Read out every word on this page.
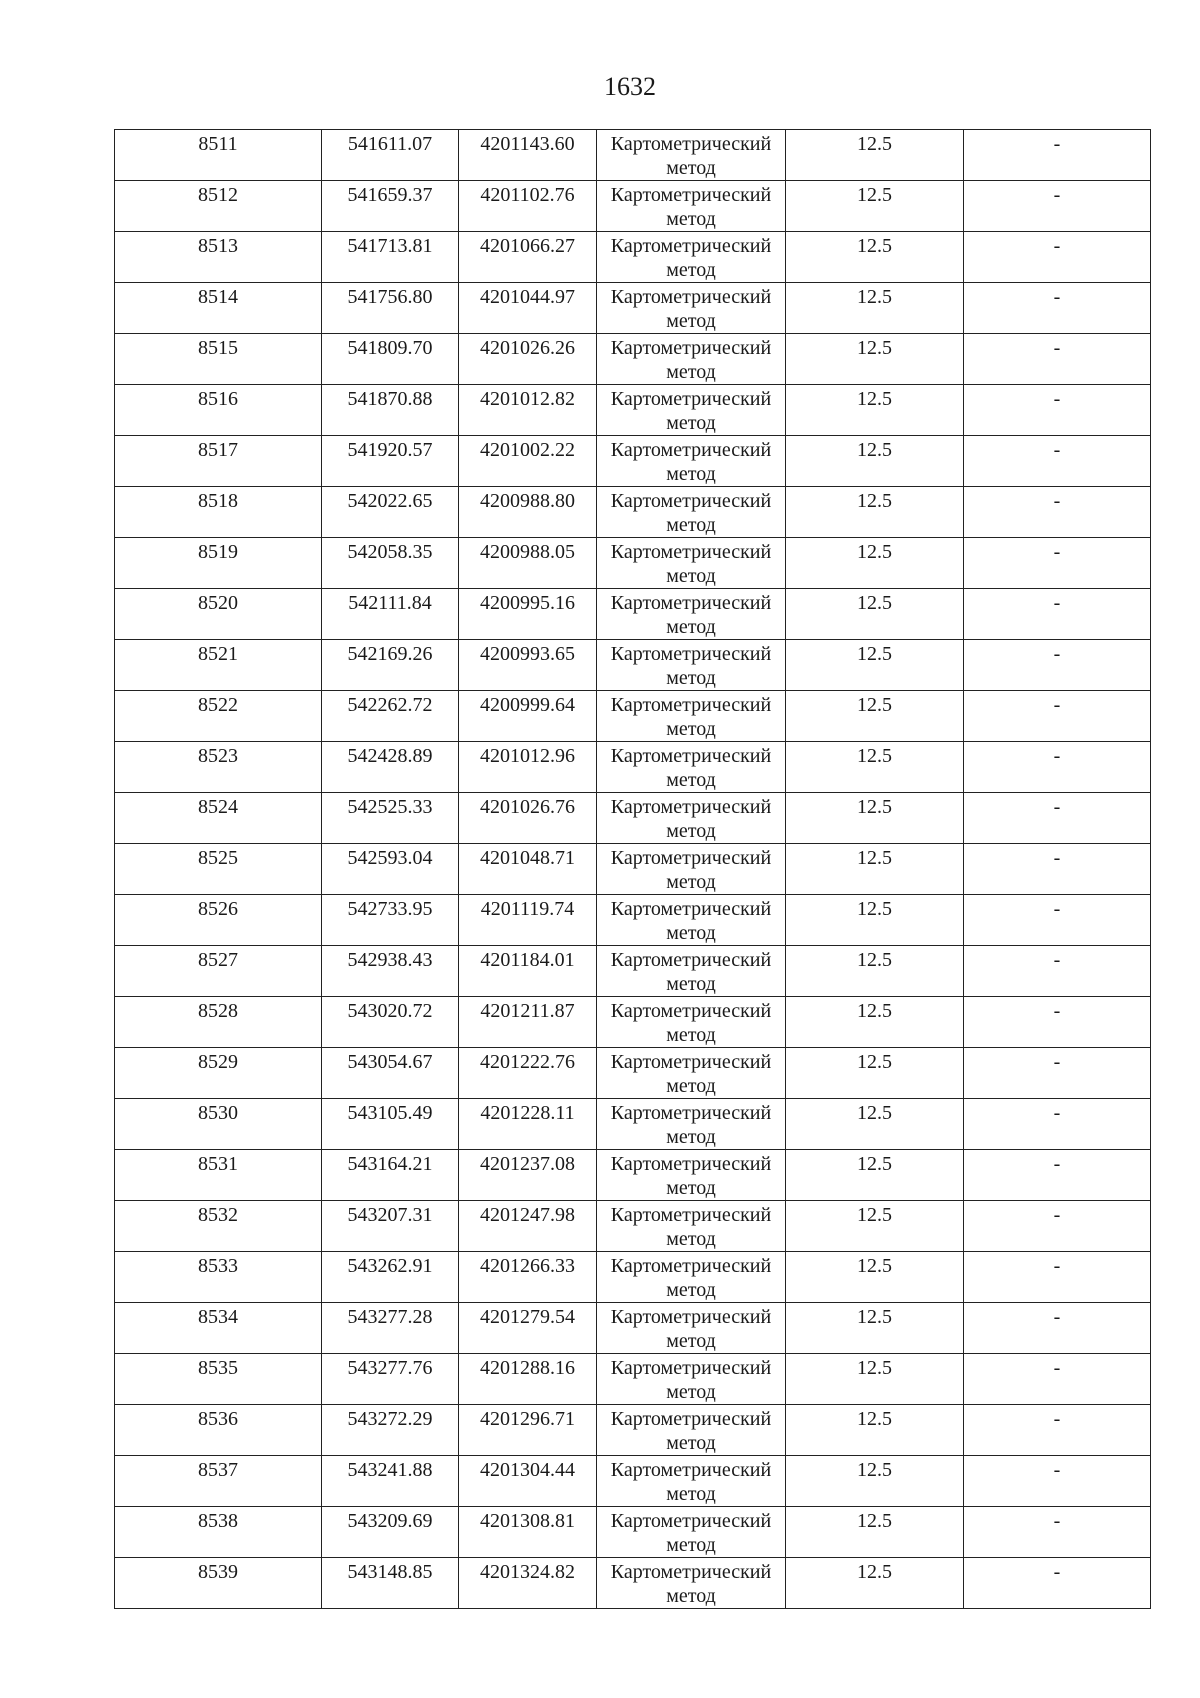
1632
8511	541611.07	4201143.60	Картометрический метод	12.5	-
8512	541659.37	4201102.76	Картометрический метод	12.5	-
8513	541713.81	4201066.27	Картометрический метод	12.5	-
8514	541756.80	4201044.97	Картометрический метод	12.5	-
8515	541809.70	4201026.26	Картометрический метод	12.5	-
8516	541870.88	4201012.82	Картометрический метод	12.5	-
8517	541920.57	4201002.22	Картометрический метод	12.5	-
8518	542022.65	4200988.80	Картометрический метод	12.5	-
8519	542058.35	4200988.05	Картометрический метод	12.5	-
8520	542111.84	4200995.16	Картометрический метод	12.5	-
8521	542169.26	4200993.65	Картометрический метод	12.5	-
8522	542262.72	4200999.64	Картометрический метод	12.5	-
8523	542428.89	4201012.96	Картометрический метод	12.5	-
8524	542525.33	4201026.76	Картометрический метод	12.5	-
8525	542593.04	4201048.71	Картометрический метод	12.5	-
8526	542733.95	4201119.74	Картометрический метод	12.5	-
8527	542938.43	4201184.01	Картометрический метод	12.5	-
8528	543020.72	4201211.87	Картометрический метод	12.5	-
8529	543054.67	4201222.76	Картометрический метод	12.5	-
8530	543105.49	4201228.11	Картометрический метод	12.5	-
8531	543164.21	4201237.08	Картометрический метод	12.5	-
8532	543207.31	4201247.98	Картометрический метод	12.5	-
8533	543262.91	4201266.33	Картометрический метод	12.5	-
8534	543277.28	4201279.54	Картометрический метод	12.5	-
8535	543277.76	4201288.16	Картометрический метод	12.5	-
8536	543272.29	4201296.71	Картометрический метод	12.5	-
8537	543241.88	4201304.44	Картометрический метод	12.5	-
8538	543209.69	4201308.81	Картометрический метод	12.5	-
8539	543148.85	4201324.82	Картометрический метод	12.5	-
